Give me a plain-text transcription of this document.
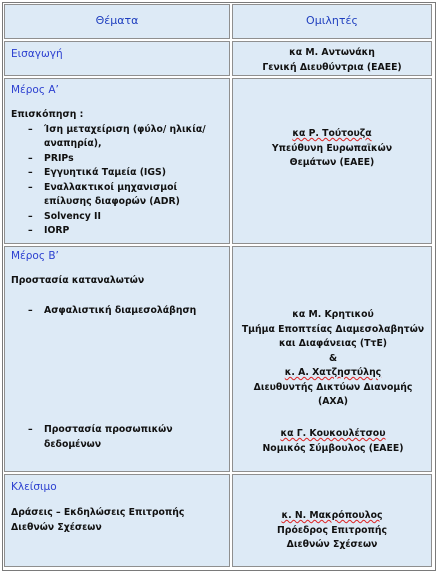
Θέματα	Ομιλητές
Εισαγωγή	κα Μ. Αντωνάκη
Γενική Διευθύντρια (ΕΑΕΕ)
Μέρος Α’
Επισκόπηση :
– Ίση μεταχείριση (φύλο/ ηλικία/ αναπηρία),
– PRIPs
– Εγγυητικά Ταμεία (IGS)
– Εναλλακτικοί μηχανισμοί επίλυσης διαφορών (ADR)
– Solvency II
– IORP
κα Ρ. Τούτουζα
Υπεύθυνη Ευρωπαϊκών
Θεμάτων (ΕΑΕΕ)
Μέρος Β’
Προστασία καταναλωτών
– Ασφαλιστική διαμεσολάβηση
– Προστασία προσωπικών δεδομένων
κα Μ. Κρητικού
Τμήμα Εποπτείας Διαμεσολαβητών
και Διαφάνειας (ΤτΕ)
&
κ. Α. Χατζηστύλης
Διευθυντής Δικτύων Διανομής
(ΑΧΑ)
κα Γ. Κουκουλέτσου
Νομικός Σύμβουλος (ΕΑΕΕ)
Κλείσιμο
Δράσεις – Εκδηλώσεις Επιτροπής Διεθνών Σχέσεων
κ. Ν. Μακρόπουλος
Πρόεδρος Επιτροπής
Διεθνών Σχέσεων
